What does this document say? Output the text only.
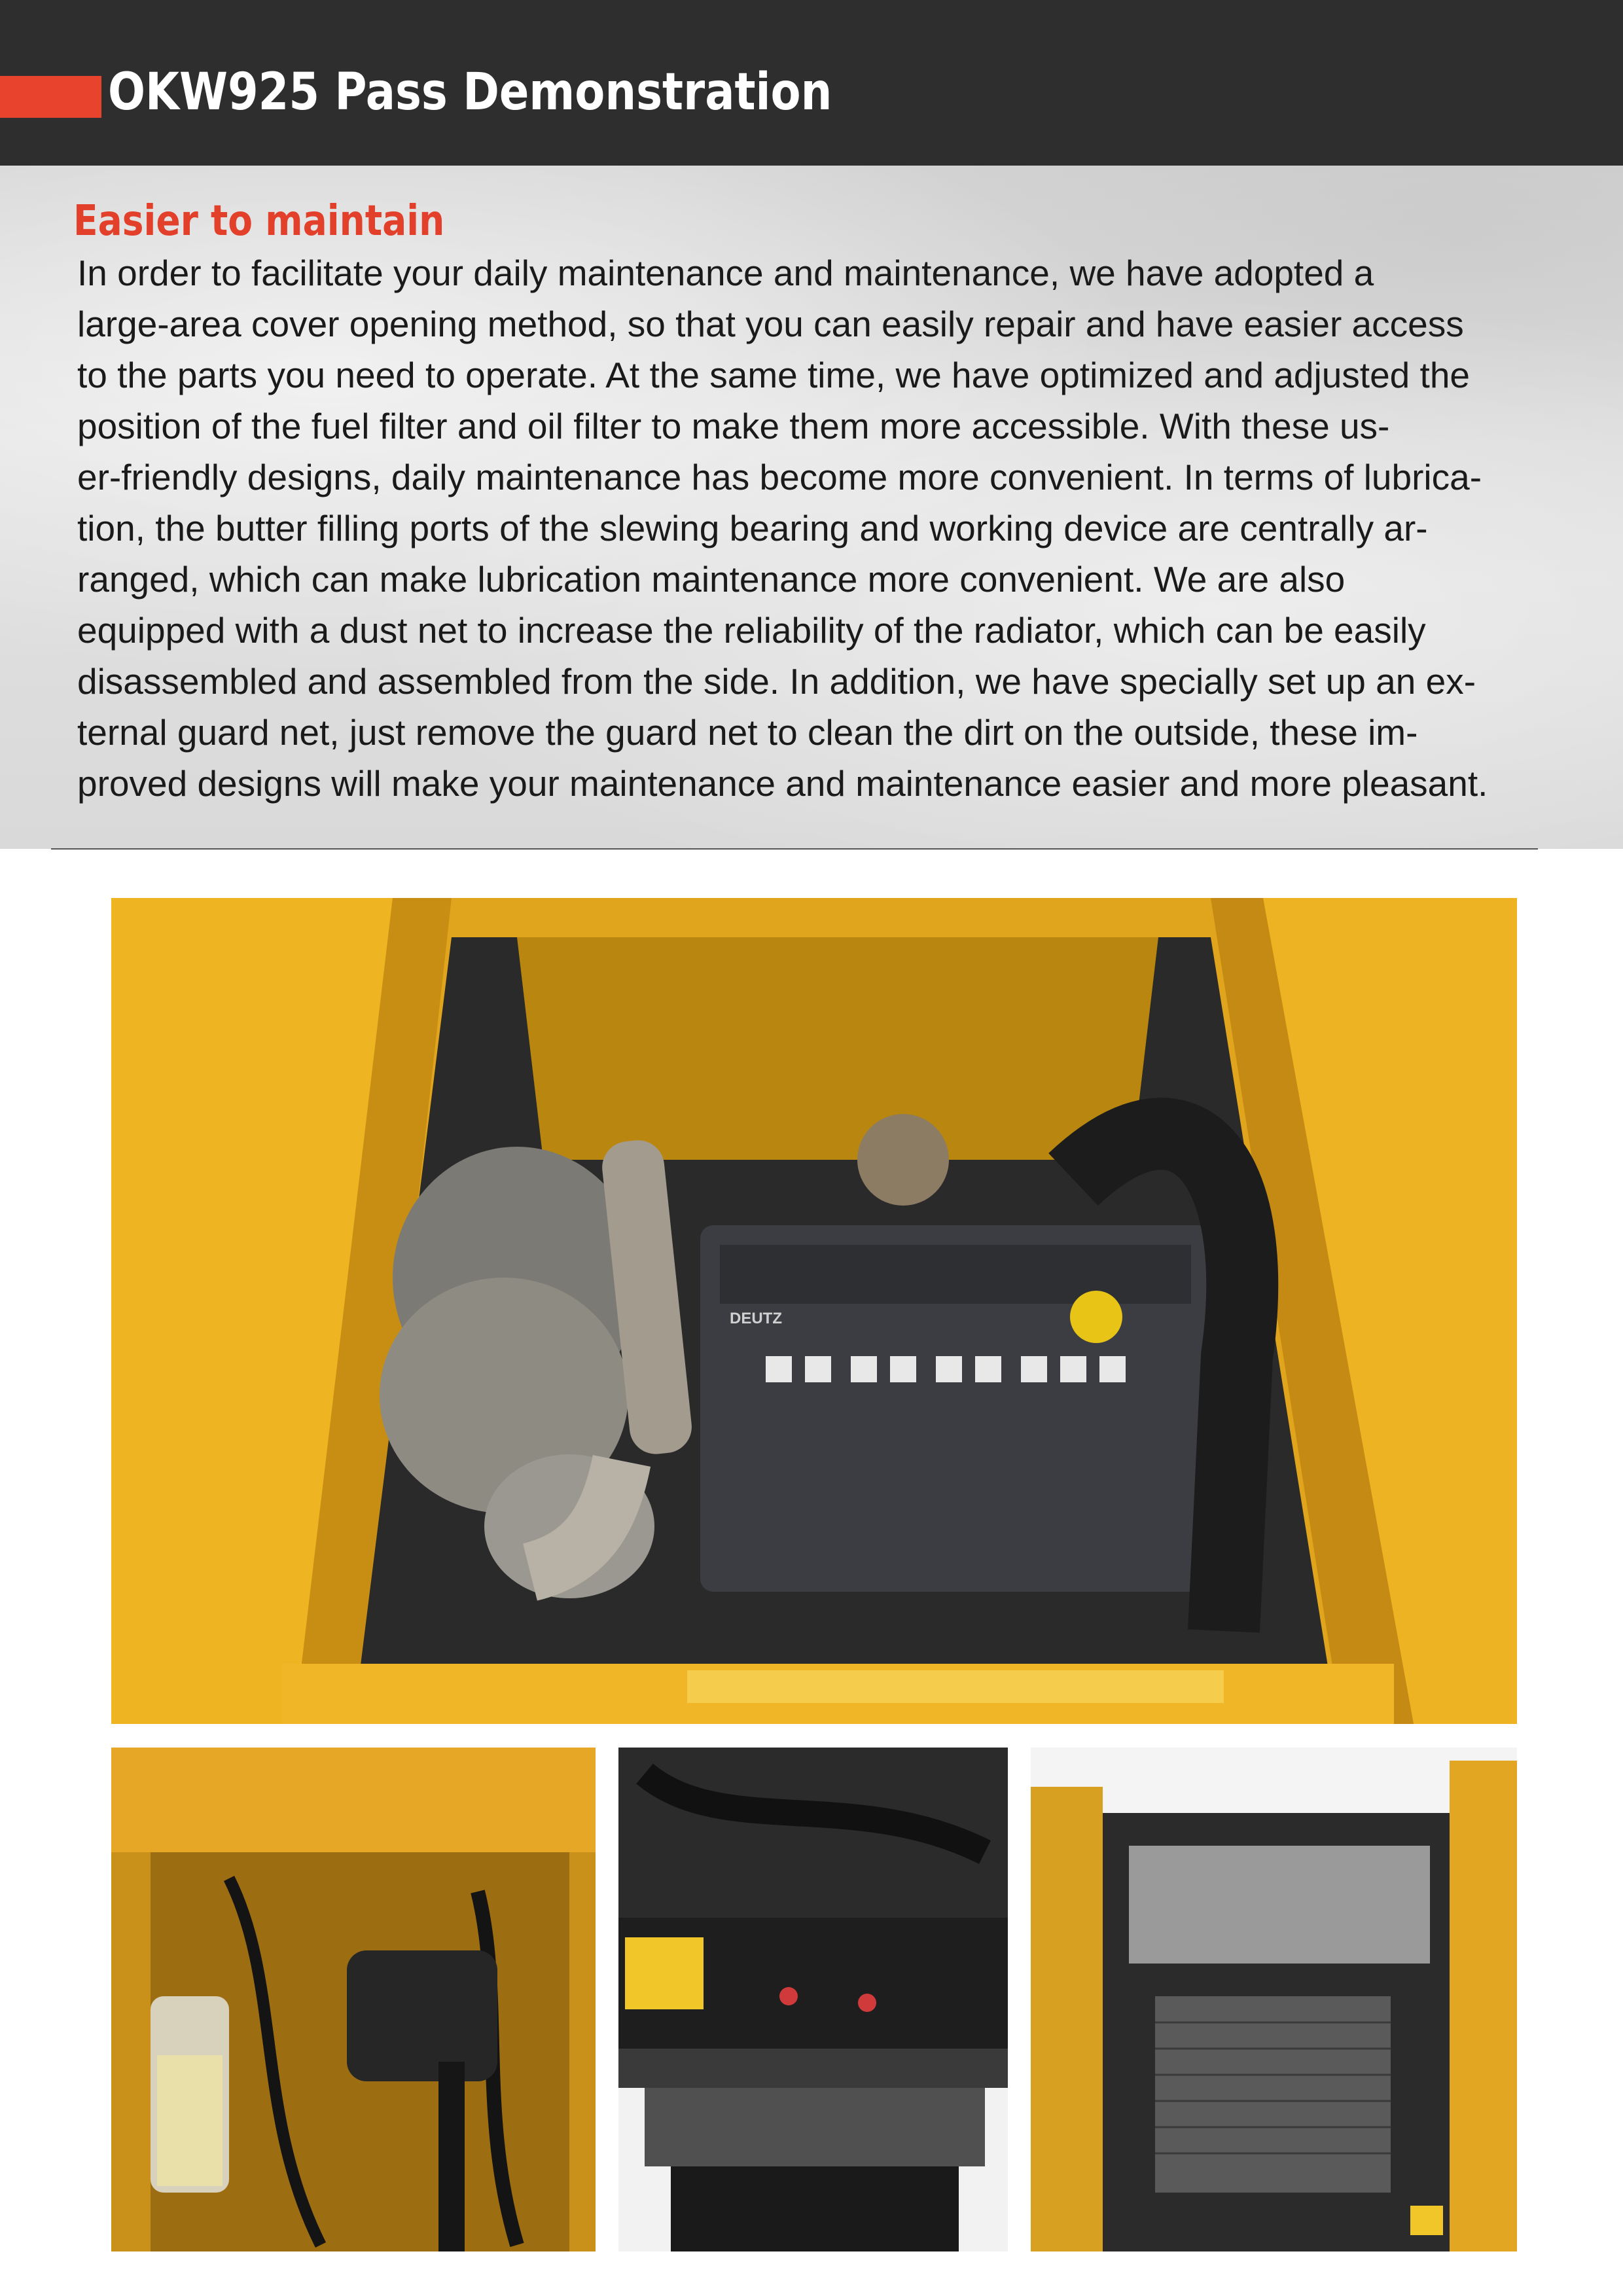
OKW925 Pass Demonstration
Easier to maintain

In order to facilitate your daily maintenance and maintenance, we have adopted a
large-area cover opening method, so that you can easily repair and have easier access
to the parts you need to operate. At the same time, we have optimized and adjusted the
position of the fuel filter and oil filter to make them more accessible. With these us-
er-friendly designs, daily maintenance has become more convenient. In terms of lubrica-
tion, the butter filling ports of the slewing bearing and working device are centrally ar-
ranged, which can make lubrication maintenance more convenient. We are also
equipped with a dust net to increase the reliability of the radiator, which can be easily
disassembled and assembled from the side. In addition, we have specially set up an ex-
ternal guard net, just remove the guard net to clean the dirt on the outside, these im-
proved designs will make your maintenance and maintenance easier and more pleasant.

DEUTZ
